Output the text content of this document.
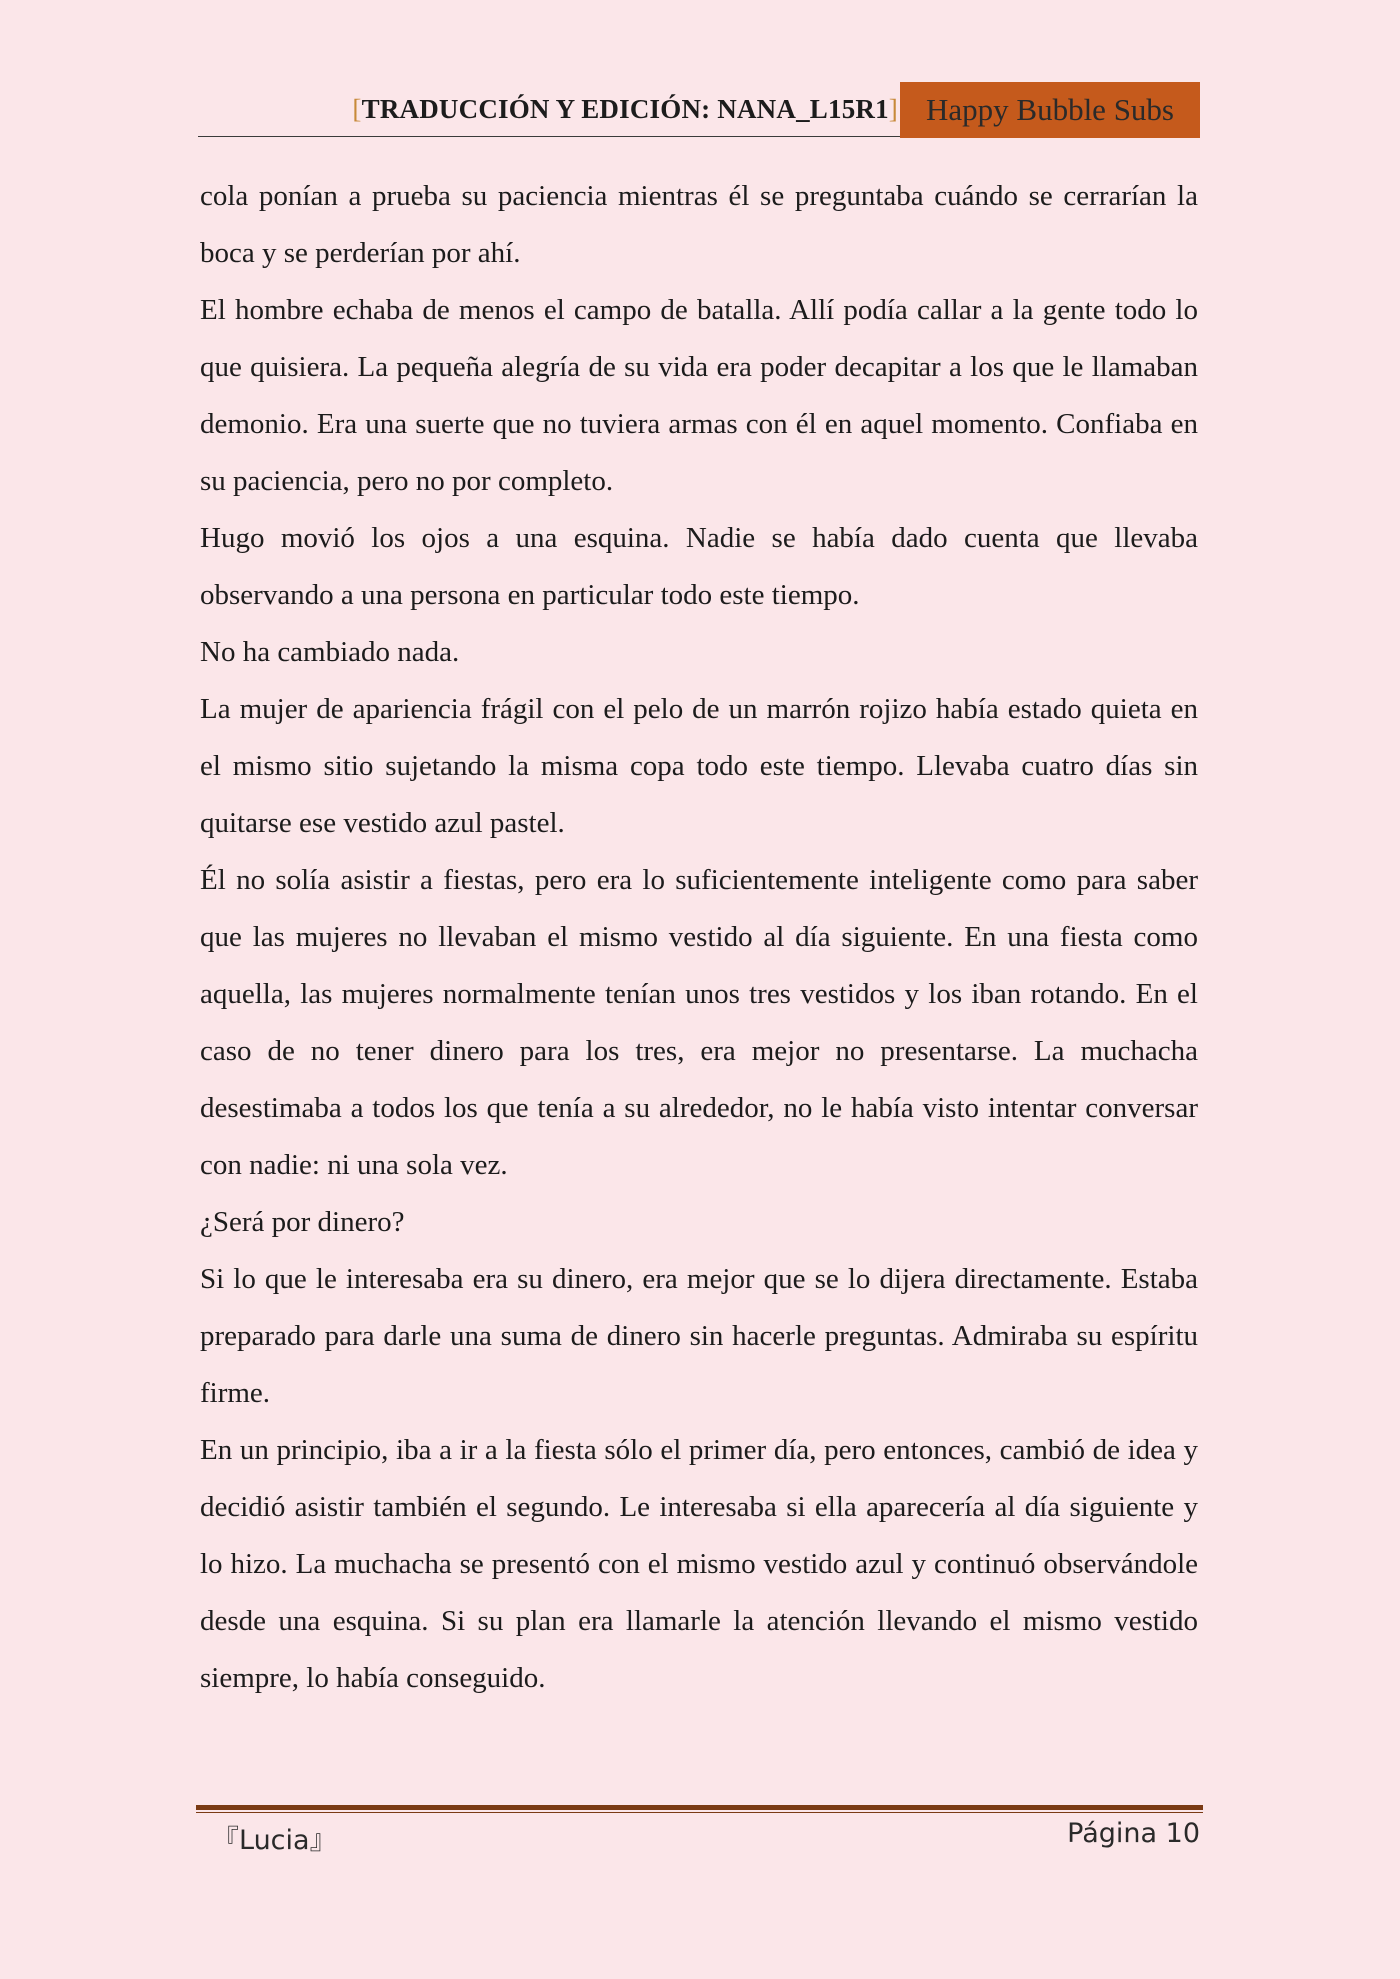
[TRADUCCIÓN Y EDICIÓN: NANA_L15R1] Happy Bubble Subs

cola ponían a prueba su paciencia mientras él se preguntaba cuándo se cerrarían la boca y se perderían por ahí.

El hombre echaba de menos el campo de batalla. Allí podía callar a la gente todo lo que quisiera. La pequeña alegría de su vida era poder decapitar a los que le llamaban demonio. Era una suerte que no tuviera armas con él en aquel momento. Confiaba en su paciencia, pero no por completo.

Hugo movió los ojos a una esquina. Nadie se había dado cuenta que llevaba observando a una persona en particular todo este tiempo.

No ha cambiado nada.

La mujer de apariencia frágil con el pelo de un marrón rojizo había estado quieta en el mismo sitio sujetando la misma copa todo este tiempo. Llevaba cuatro días sin quitarse ese vestido azul pastel.

Él no solía asistir a fiestas, pero era lo suficientemente inteligente como para saber que las mujeres no llevaban el mismo vestido al día siguiente. En una fiesta como aquella, las mujeres normalmente tenían unos tres vestidos y los iban rotando. En el caso de no tener dinero para los tres, era mejor no presentarse. La muchacha desestimaba a todos los que tenía a su alrededor, no le había visto intentar conversar con nadie: ni una sola vez.

¿Será por dinero?

Si lo que le interesaba era su dinero, era mejor que se lo dijera directamente. Estaba preparado para darle una suma de dinero sin hacerle preguntas. Admiraba su espíritu firme.

En un principio, iba a ir a la fiesta sólo el primer día, pero entonces, cambió de idea y decidió asistir también el segundo. Le interesaba si ella aparecería al día siguiente y lo hizo. La muchacha se presentó con el mismo vestido azul y continuó observándole desde una esquina. Si su plan era llamarle la atención llevando el mismo vestido siempre, lo había conseguido.

『Lucia』	Página 10
